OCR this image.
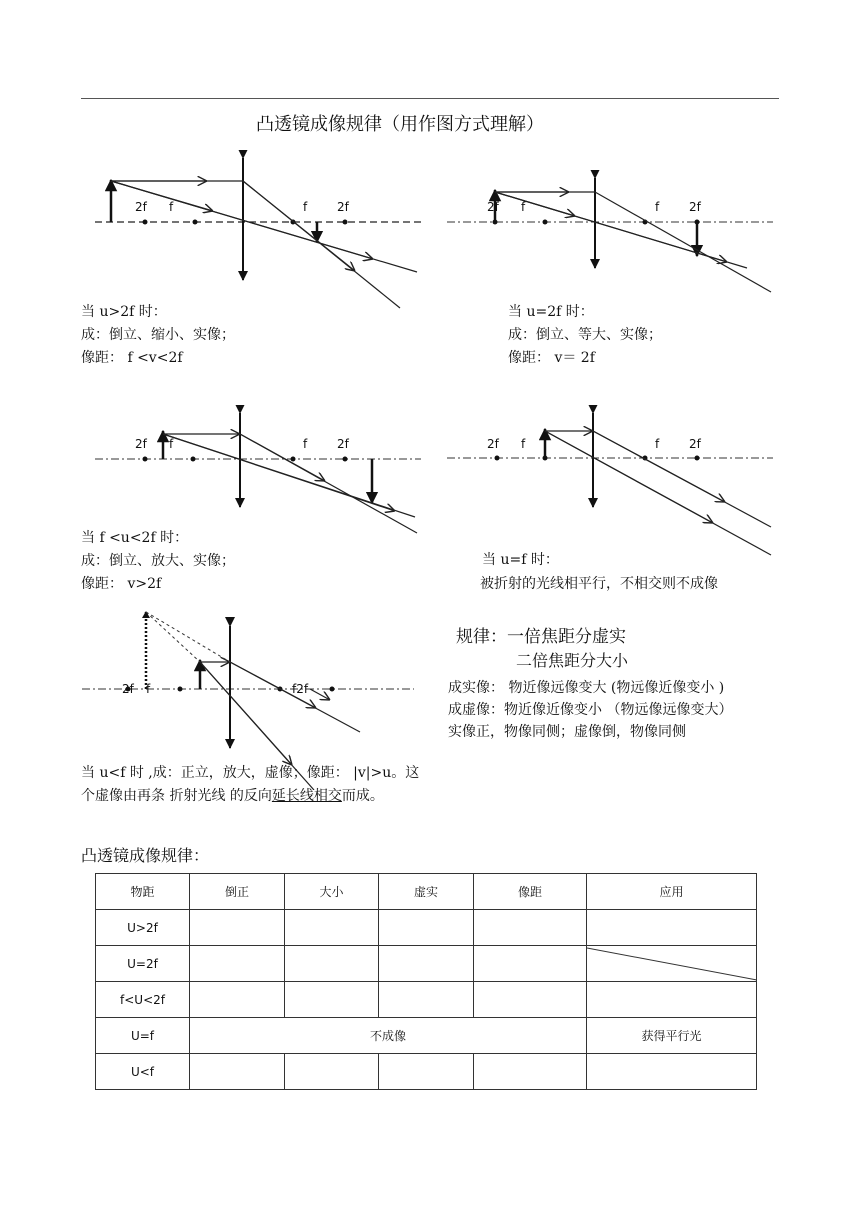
凸透镜成像规律（用作图方式理解）
2f f	f 2f	2f f	f 2f
当 u>2f 时：
成：倒立、缩小、实像；
像距： f <v<2f
当 u=2f 时：
成：倒立、等大、实像；
像距： v＝ 2f
2f f	f 2f	2f f	f 2f
当 f <u<2f 时：
成：倒立、放大、实像；
像距： v>2f
当 u=f 时：
被折射的光线相平行，不相交则不成像
2f f	f2f
规律：一倍焦距分虚实
二倍焦距分大小
成实像： 物近像远像变大 (物远像近像变小 )
成虚像：物近像近像变小 （物远像远像变大）
实像正，物像同侧；虚像倒，物像同侧
当 u<f 时 ,成：正立，放大，虚像；像距： |v|>u。这
个虚像由再条 折射光线 的反向延长线相交而成。
凸透镜成像规律：
物距	倒正	大小	虚实	像距	应用
U>2f					
U=2f					

f<U<2f					
U=f	不成像				获得平行光
U<f					
